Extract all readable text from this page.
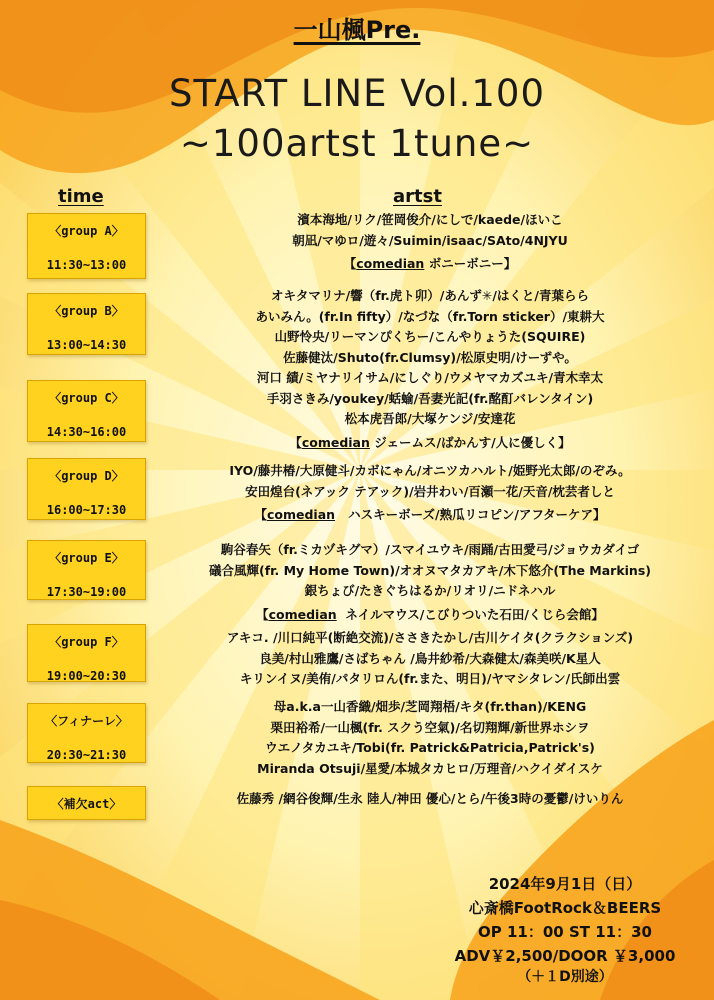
一山楓Pre.
START LINE Vol.100
~100artst 1tune~
time	artst
〈group A〉
11:30~13:00
濱本海地/リク/笹岡俊介/にしで/kaede/ほいこ
朝凪/マゆロ/遊々/Suimin/isaac/SAto/4NJYU
【comedian ボニーボニー】
〈group B〉
13:00~14:30
オキタマリナ/響（fr.虎ト卯）/あんず✳/はくと/青葉らら
あいみん。(fr.In fifty）/なづな（fr.Torn sticker）/東耕大
山野怜央/リーマンぴくちー/こんやりょうた(SQUIRE)
佐藤健汰/Shuto(fr.Clumsy)/松原史明/けーずや。
〈group C〉
14:30~16:00
河口 績/ミヤナリイサム/にしぐり/ウメヤマカズユキ/青木幸太
手羽さきみ/youkey/蛞蝓/吾妻光記(fr.酩酊バレンタイン)
松本虎吾郎/大塚ケンジ/安達花
【comedian ジェームス/ばかんす/人に優しく】
〈group D〉
16:00~17:30
IYO/藤井椿/大原健斗/カボにゃん/オニツカハルト/姫野光太郎/のぞみ。
安田煌台(ネアック テアック)/岩井わい/百瀬一花/天音/枕芸者しと
【comedian ハスキーボーズ/熟瓜リコピン/アフターケア】
〈group E〉
17:30~19:00
駒谷春矢（fr.ミカヅキグマ）/スマイユウキ/雨踊/古田愛弓/ジョウカダイゴ
礒合風輝(fr. My Home Town)/オオヌマタカアキ/木下悠介(The Markins)
銀ちょび/たきぐちはるか/リオリ/ニドネハル
【comedian ネイルマウス/こびりついた石田/くじら会館】
〈group F〉
19:00~20:30
アキコ. /川口純平(断絶交流)/ささきたかし/古川ケイタ(クラクションズ)
良美/村山雅鷹/さばちゃん /鳥井紗希/大森健太/森美咲/K星人
キリンイヌ/美侑/パタリロん(fr.また、明日)/ヤマシタレン/氏師出雲
〈フィナーレ〉
20:30~21:30
母a.k.a一山香織/畑歩/芝岡翔梧/キタ(fr.than)/KENG
栗田裕希/一山楓(fr. スクう空氣)/名切翔輝/新世界ホシヲ
ウエノタカユキ/Tobi(fr. Patrick&Patricia,Patrick's)
Miranda Otsuji/星愛/本城タカヒロ/万理音/ハクイダイスケ
〈補欠act〉	佐藤秀 /網谷俊輝/生永 陸人/神田 優心/とら/午後3時の憂鬱/けいりん
2024年9月1日（日）
心斎橋FootRock＆BEERS
OP 11：00 ST 11：30
ADV￥2,500/DOOR ￥3,000
（＋１D別途）
